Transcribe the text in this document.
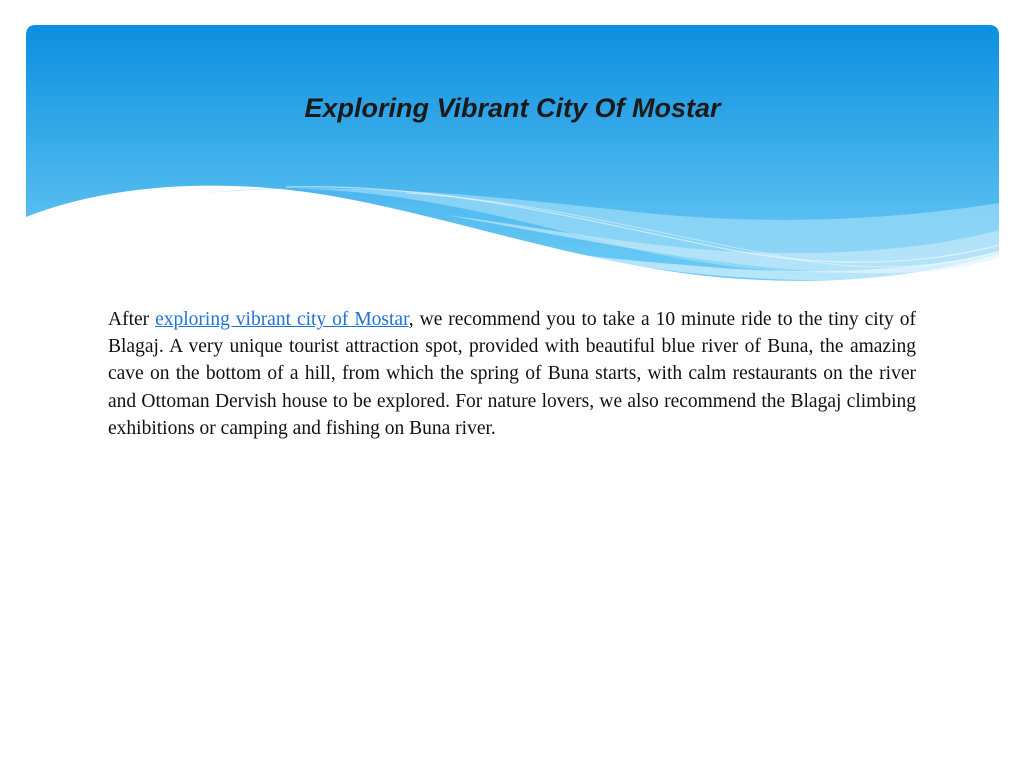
Exploring Vibrant City Of Mostar

After exploring vibrant city of Mostar, we recommend you to take a 10 minute ride to the tiny city of Blagaj. A very unique tourist attraction spot, provided with beautiful blue river of Buna, the amazing cave on the bottom of a hill, from which the spring of Buna starts, with calm restaurants on the river and Ottoman Dervish house to be explored. For nature lovers, we also recommend the Blagaj climbing exhibitions or camping and fishing on Buna river.
